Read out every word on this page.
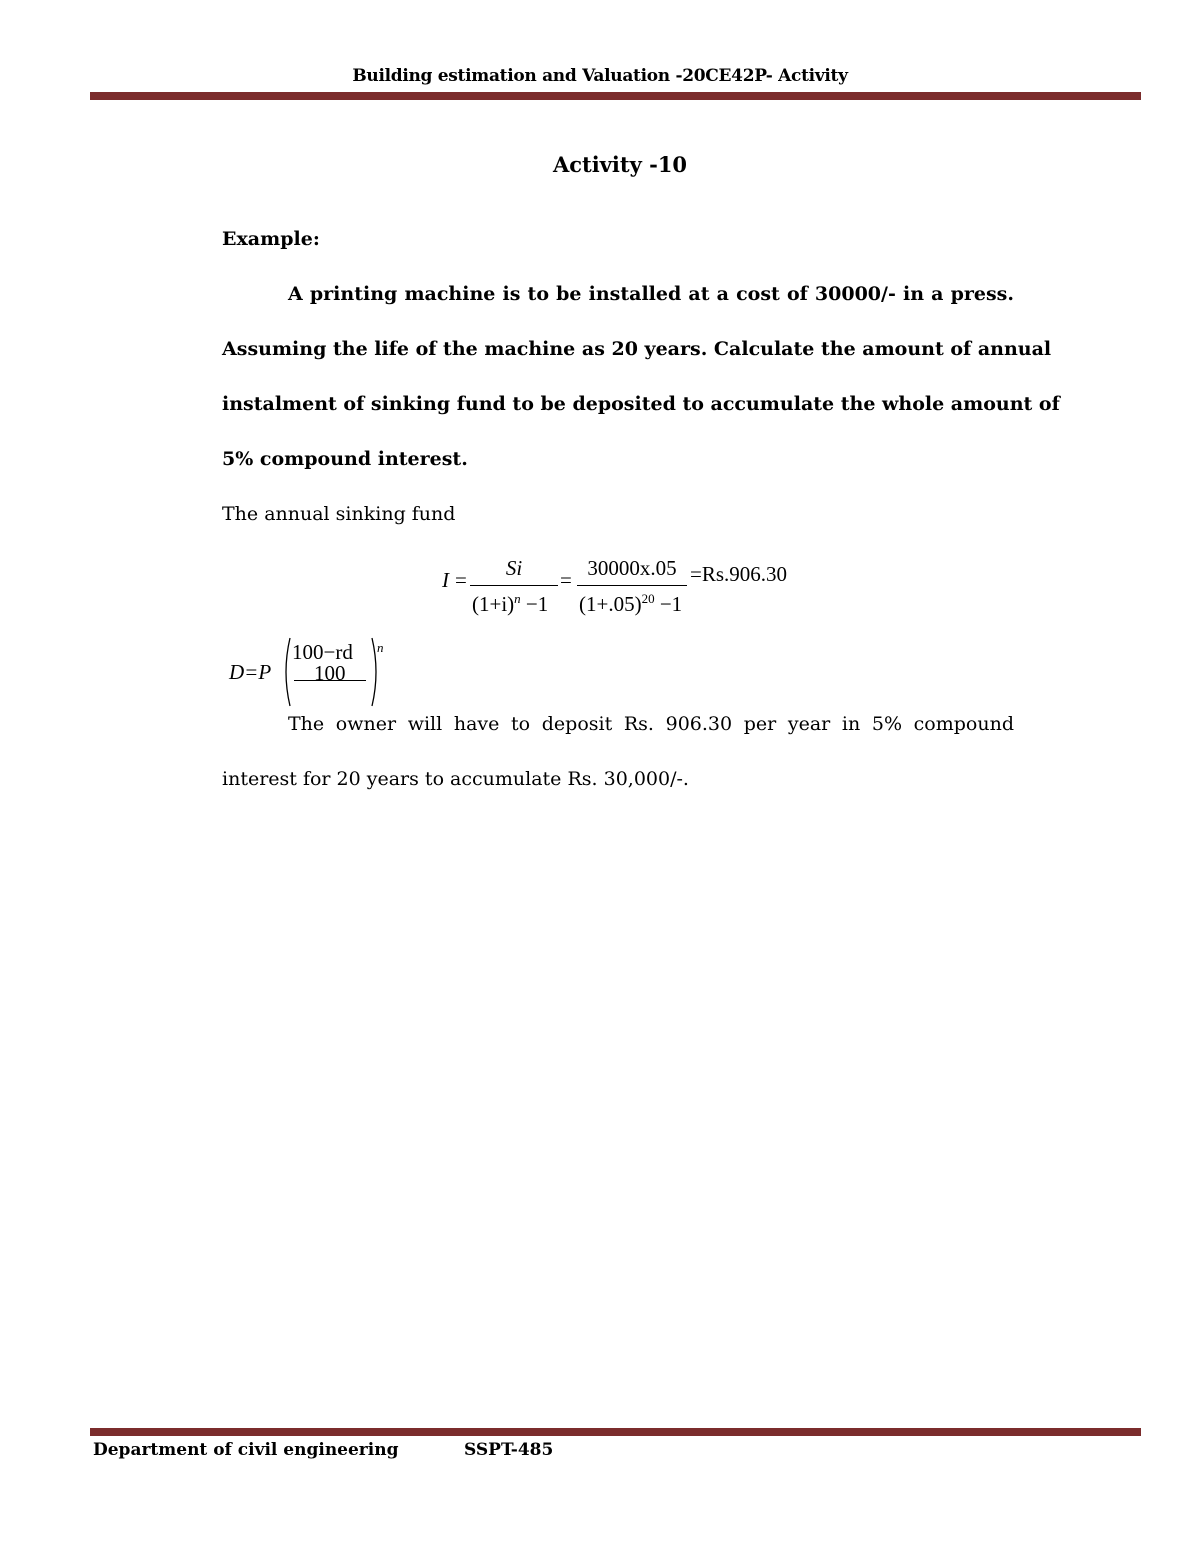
Building estimation and Valuation -20CE42P- Activity
Activity -10
Example:
A printing machine is to be installed at a cost of 30000/- in a press.
Assuming the life of the machine as 20 years. Calculate the amount of annual
instalment of sinking fund to be deposited to accumulate the whole amount of
5% compound interest.
The annual sinking fund
I =	Si
$(1+i)^n -1$
= 30000x.05
$(1+.05)^{20} -1$
=Rs.906.30
D=P
100−rd
100
n
The owner will have to deposit Rs. 906.30 per year in 5% compound
interest for 20 years to accumulate Rs. 30,000/-.
Department of civil engineering	SSPT-485
